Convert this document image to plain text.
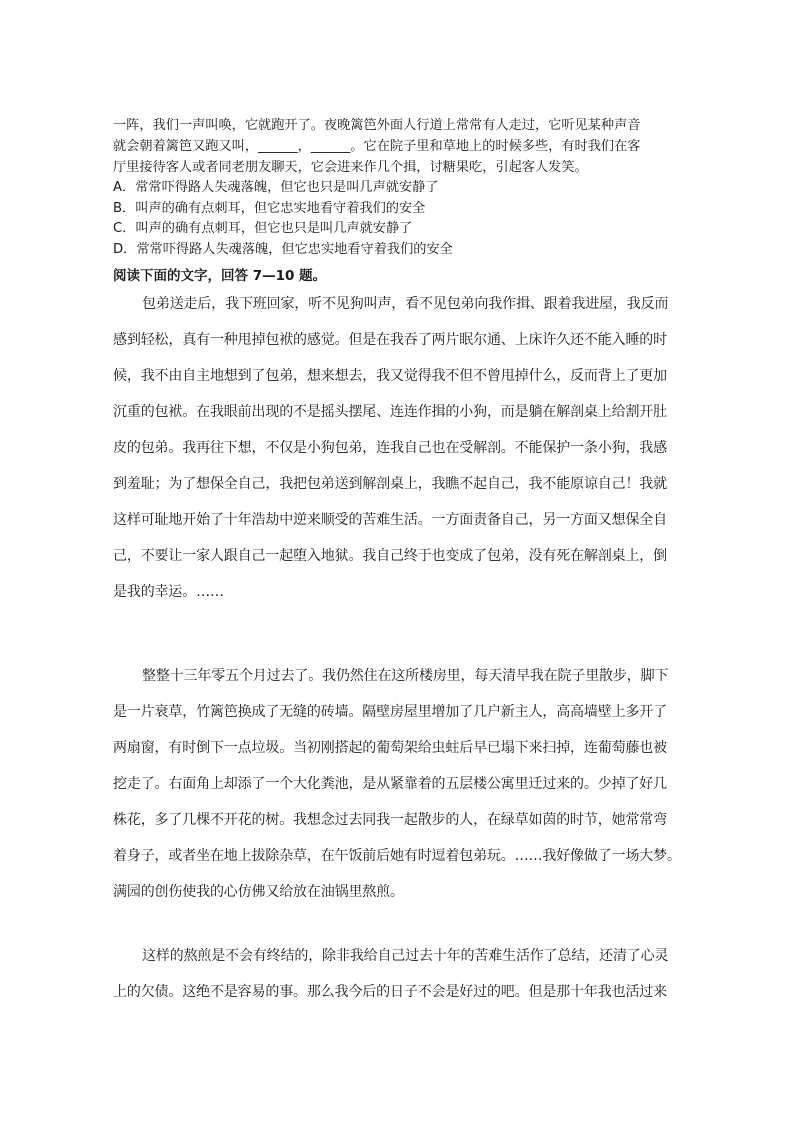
一阵，我们一声叫唤，它就跑开了。夜晚篱笆外面人行道上常常有人走过，它听见某种声音
就会朝着篱笆又跑又叫，______，______。它在院子里和草地上的时候多些，有时我们在客
厅里接待客人或者同老朋友聊天，它会进来作几个揖，讨糖果吃，引起客人发笑。
A．常常吓得路人失魂落魄，但它也只是叫几声就安静了
B．叫声的确有点刺耳，但它忠实地看守着我们的安全
C．叫声的确有点刺耳，但它也只是叫几声就安静了
D．常常吓得路人失魂落魄，但它忠实地看守着我们的安全
阅读下面的文字，回答 7—10 题。
包弟送走后，我下班回家，听不见狗叫声，看不见包弟向我作揖、跟着我进屋，我反而
感到轻松，真有一种甩掉包袱的感觉。但是在我吞了两片眠尔通、上床许久还不能入睡的时
候，我不由自主地想到了包弟，想来想去，我又觉得我不但不曾甩掉什么，反而背上了更加
沉重的包袱。在我眼前出现的不是摇头摆尾、连连作揖的小狗，而是躺在解剖桌上给割开肚
皮的包弟。我再往下想，不仅是小狗包弟，连我自己也在受解剖。不能保护一条小狗，我感
到羞耻；为了想保全自己，我把包弟送到解剖桌上，我瞧不起自己，我不能原谅自己！我就
这样可耻地开始了十年浩劫中逆来顺受的苦难生活。一方面责备自己，另一方面又想保全自
己，不要让一家人跟自己一起堕入地狱。我自己终于也变成了包弟，没有死在解剖桌上，倒
是我的幸运。……
整整十三年零五个月过去了。我仍然住在这所楼房里，每天清早我在院子里散步，脚下
是一片衰草，竹篱笆换成了无缝的砖墙。隔壁房屋里增加了几户新主人，高高墙壁上多开了
两扇窗，有时倒下一点垃圾。当初刚搭起的葡萄架给虫蛀后早已塌下来扫掉，连葡萄藤也被
挖走了。右面角上却添了一个大化粪池，是从紧靠着的五层楼公寓里迁过来的。少掉了好几
株花，多了几棵不开花的树。我想念过去同我一起散步的人，在绿草如茵的时节，她常常弯
着身子，或者坐在地上拔除杂草，在午饭前后她有时逗着包弟玩。……我好像做了一场大梦。
满园的创伤使我的心仿佛又给放在油锅里熬煎。
这样的熬煎是不会有终结的，除非我给自己过去十年的苦难生活作了总结，还清了心灵
上的欠债。这绝不是容易的事。那么我今后的日子不会是好过的吧。但是那十年我也活过来
